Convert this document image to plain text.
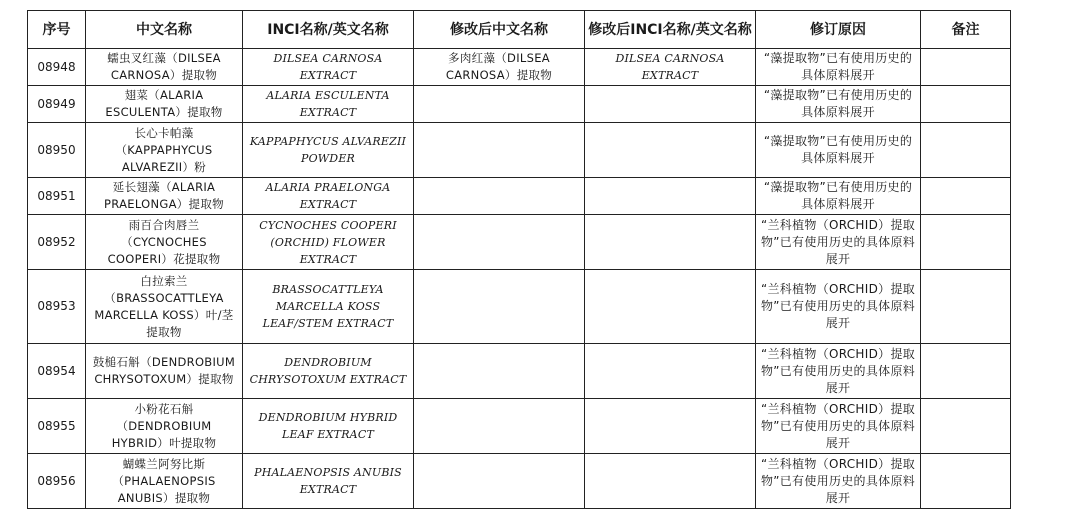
序号	中文名称	INCI名称/英文名称	修改后中文名称	修改后INCI名称/英文名称	修订原因	备注
08948	蠕虫叉红藻（DILSEA CARNOSA）提取物	DILSEA CARNOSA EXTRACT	多肉红藻（DILSEA CARNOSA）提取物	DILSEA CARNOSA EXTRACT	“藻提取物”已有使用历史的具体原料展开	
08949	翅菜（ALARIA ESCULENTA）提取物	ALARIA ESCULENTA EXTRACT			“藻提取物”已有使用历史的具体原料展开	
08950	长心卡帕藻（KAPPAPHYCUS ALVAREZII）粉	KAPPAPHYCUS ALVAREZII POWDER			“藻提取物”已有使用历史的具体原料展开	
08951	延长翅藻（ALARIA PRAELONGA）提取物	ALARIA PRAELONGA EXTRACT			“藻提取物”已有使用历史的具体原料展开	
08952	雨百合肉唇兰（CYCNOCHES COOPERI）花提取物	CYCNOCHES COOPERI (ORCHID) FLOWER EXTRACT			“兰科植物（ORCHID）提取物”已有使用历史的具体原料展开	
08953	白拉索兰（BRASSOCATTLEYA MARCELLA KOSS）叶/茎提取物	BRASSOCATTLEYA MARCELLA KOSS LEAF/STEM EXTRACT			“兰科植物（ORCHID）提取物”已有使用历史的具体原料展开	
08954	鼓槌石斛（DENDROBIUM CHRYSOTOXUM）提取物	DENDROBIUM CHRYSOTOXUM EXTRACT			“兰科植物（ORCHID）提取物”已有使用历史的具体原料展开	
08955	小粉花石斛（DENDROBIUM HYBRID）叶提取物	DENDROBIUM HYBRID LEAF EXTRACT			“兰科植物（ORCHID）提取物”已有使用历史的具体原料展开	
08956	蝴蝶兰阿努比斯（PHALAENOPSIS ANUBIS）提取物	PHALAENOPSIS ANUBIS EXTRACT			“兰科植物（ORCHID）提取物”已有使用历史的具体原料展开	
